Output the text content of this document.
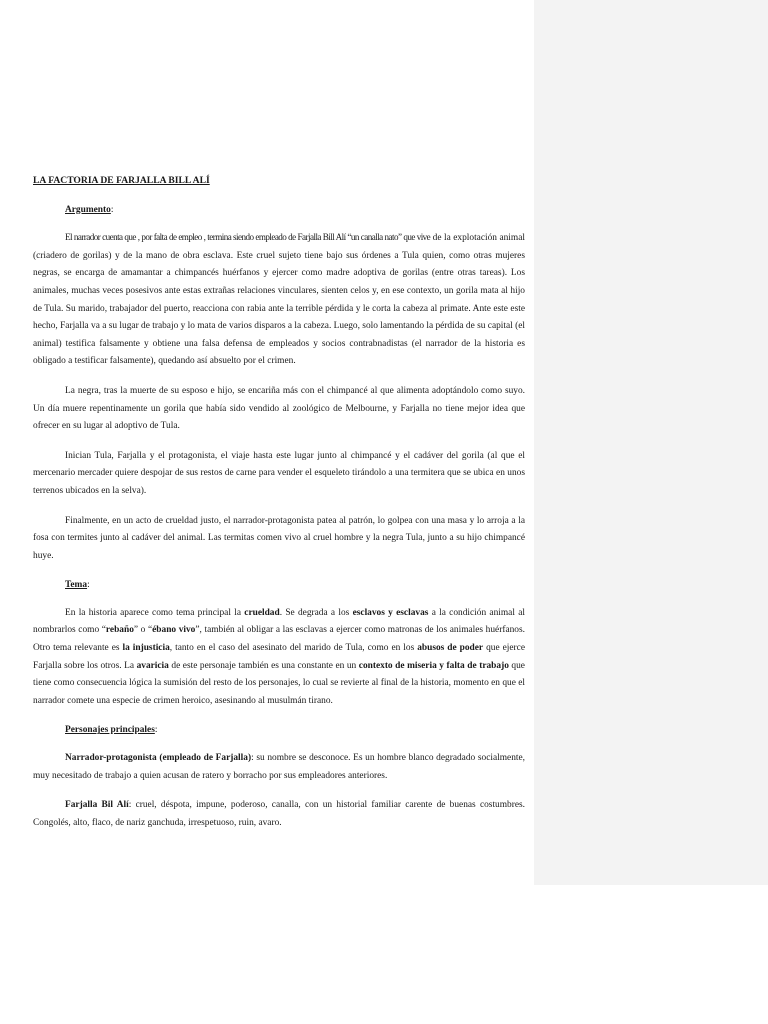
LA FACTORIA DE FARJALLA BILL ALÍ
Argumento:

El narrador cuenta que , por falta de empleo , termina siendo empleado de Farjalla Bill Alí “un canalla nato” que vive de la explotación animal (criadero de gorilas) y de la mano de obra esclava. Este cruel sujeto tiene bajo sus órdenes a Tula quien, como otras mujeres negras, se encarga de amamantar a chimpancés huérfanos y ejercer como madre adoptiva de gorilas (entre otras tareas). Los animales, muchas veces posesivos ante estas extrañas relaciones vinculares, sienten celos y, en ese contexto, un gorila mata al hijo de Tula. Su marido, trabajador del puerto, reacciona con rabia ante la terrible pérdida y le corta la cabeza al primate. Ante este este hecho, Farjalla va a su lugar de trabajo y lo mata de varios disparos a la cabeza. Luego, solo lamentando la pérdida de su capital (el animal) testifica falsamente y obtiene una falsa defensa de empleados y socios contrabnadistas (el narrador de la historia es obligado a testificar falsamente), quedando así absuelto por el crimen.

La negra, tras la muerte de su esposo e hijo, se encariña más con el chimpancé al que alimenta adoptándolo como suyo. Un día muere repentinamente un gorila que había sido vendido al zoológico de Melbourne, y Farjalla no tiene mejor idea que ofrecer en su lugar al adoptivo de Tula.

Inician Tula, Farjalla y el protagonista, el viaje hasta este lugar junto al chimpancé y el cadáver del gorila (al que el mercenario mercader quiere despojar de sus restos de carne para vender el esqueleto tirándolo a una termitera que se ubica en unos terrenos ubicados en la selva).

Finalmente, en un acto de crueldad justo, el narrador-protagonista patea al patrón, lo golpea con una masa y lo arroja a la fosa con termites junto al cadáver del animal. Las termitas comen vivo al cruel hombre y la negra Tula, junto a su hijo chimpancé huye.

Tema:

En la historia aparece como tema principal la crueldad. Se degrada a los esclavos y esclavas a la condición animal al nombrarlos como “rebaño” o “ébano vivo”, también al obligar a las esclavas a ejercer como matronas de los animales huérfanos. Otro tema relevante es la injusticia, tanto en el caso del asesinato del marido de Tula, como en los abusos de poder que ejerce Farjalla sobre los otros. La avaricia de este personaje también es una constante en un contexto de miseria y falta de trabajo que tiene como consecuencia lógica la sumisión del resto de los personajes, lo cual se revierte al final de la historia, momento en que el narrador comete una especie de crimen heroico, asesinando al musulmán tirano.

Personajes principales:

Narrador-protagonista (empleado de Farjalla): su nombre se desconoce. Es un hombre blanco degradado socialmente, muy necesitado de trabajo a quien acusan de ratero y borracho por sus empleadores anteriores.

Farjalla Bil Alí: cruel, déspota, impune, poderoso, canalla, con un historial familiar carente de buenas costumbres. Congolés, alto, flaco, de nariz ganchuda, irrespetuoso, ruin, avaro.
